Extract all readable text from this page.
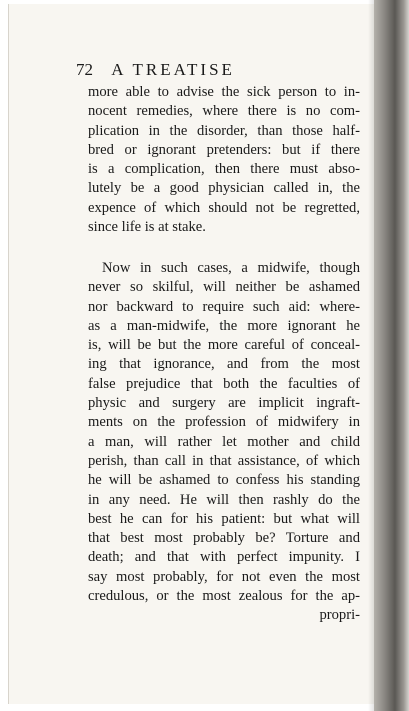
72 A TREATISE
more able to advise the sick person to in-
nocent remedies, where there is no com-
plication in the disorder, than those half-
bred or ignorant pretenders: but if there
is a complication, then there must abso-
lutely be a good physician called in, the
expence of which should not be regretted,
since life is at stake.
Now in such cases, a midwife, though
never so skilful, will neither be ashamed
nor backward to require such aid: where-
as a man-midwife, the more ignorant he
is, will be but the more careful of conceal-
ing that ignorance, and from the most
false prejudice that both the faculties of
physic and surgery are implicit ingraft-
ments on the profession of midwifery in
a man, will rather let mother and child
perish, than call in that assistance, of which
he will be ashamed to confess his standing
in any need. He will then rashly do the
best he can for his patient: but what will
that best most probably be? Torture and
death; and that with perfect impunity. I
say most probably, for not even the most
credulous, or the most zealous for the ap-
propri-
